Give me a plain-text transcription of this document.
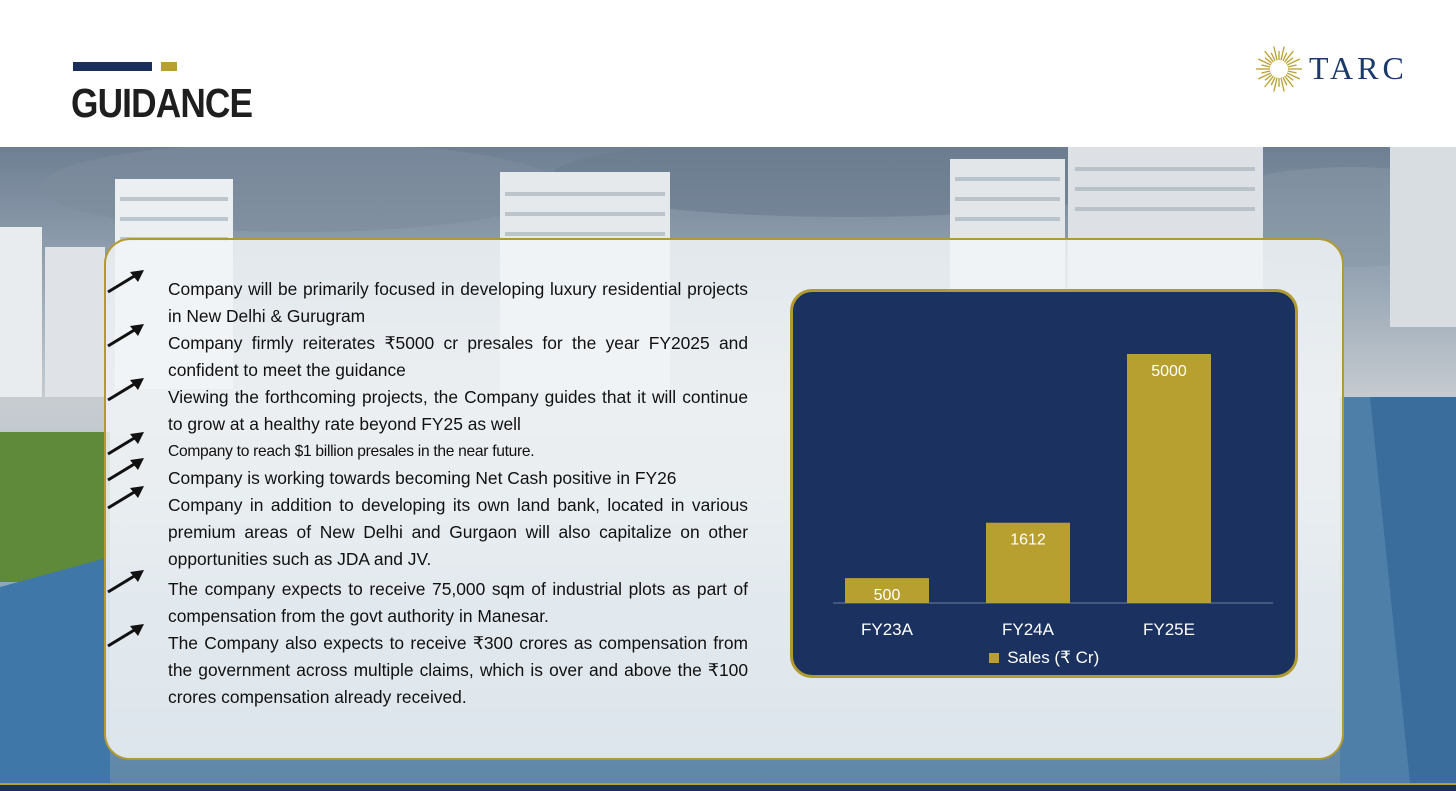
GUIDANCE
TARC
Company will be primarily focused in developing luxury residential projects in New Delhi & Gurugram
Company firmly reiterates ₹5000 cr presales for the year FY2025 and confident to meet the guidance
Viewing the forthcoming projects, the Company guides that it will continue to grow at a healthy rate beyond FY25 as well
Company to reach $1 billion presales in the near future.
Company is working towards becoming Net Cash positive in FY26
Company in addition to developing its own land bank, located in various premium areas of New Delhi and Gurgaon will also capitalize on other opportunities such as JDA and JV.
The company expects to receive 75,000 sqm of industrial plots as part of compensation from the govt authority in Manesar.
The Company also expects to receive ₹300 crores as compensation from the government across multiple claims, which is over and above the ₹100 crores compensation already received.
500
FY23A
1612
FY24A
5000
FY25E
Sales (₹ Cr)
